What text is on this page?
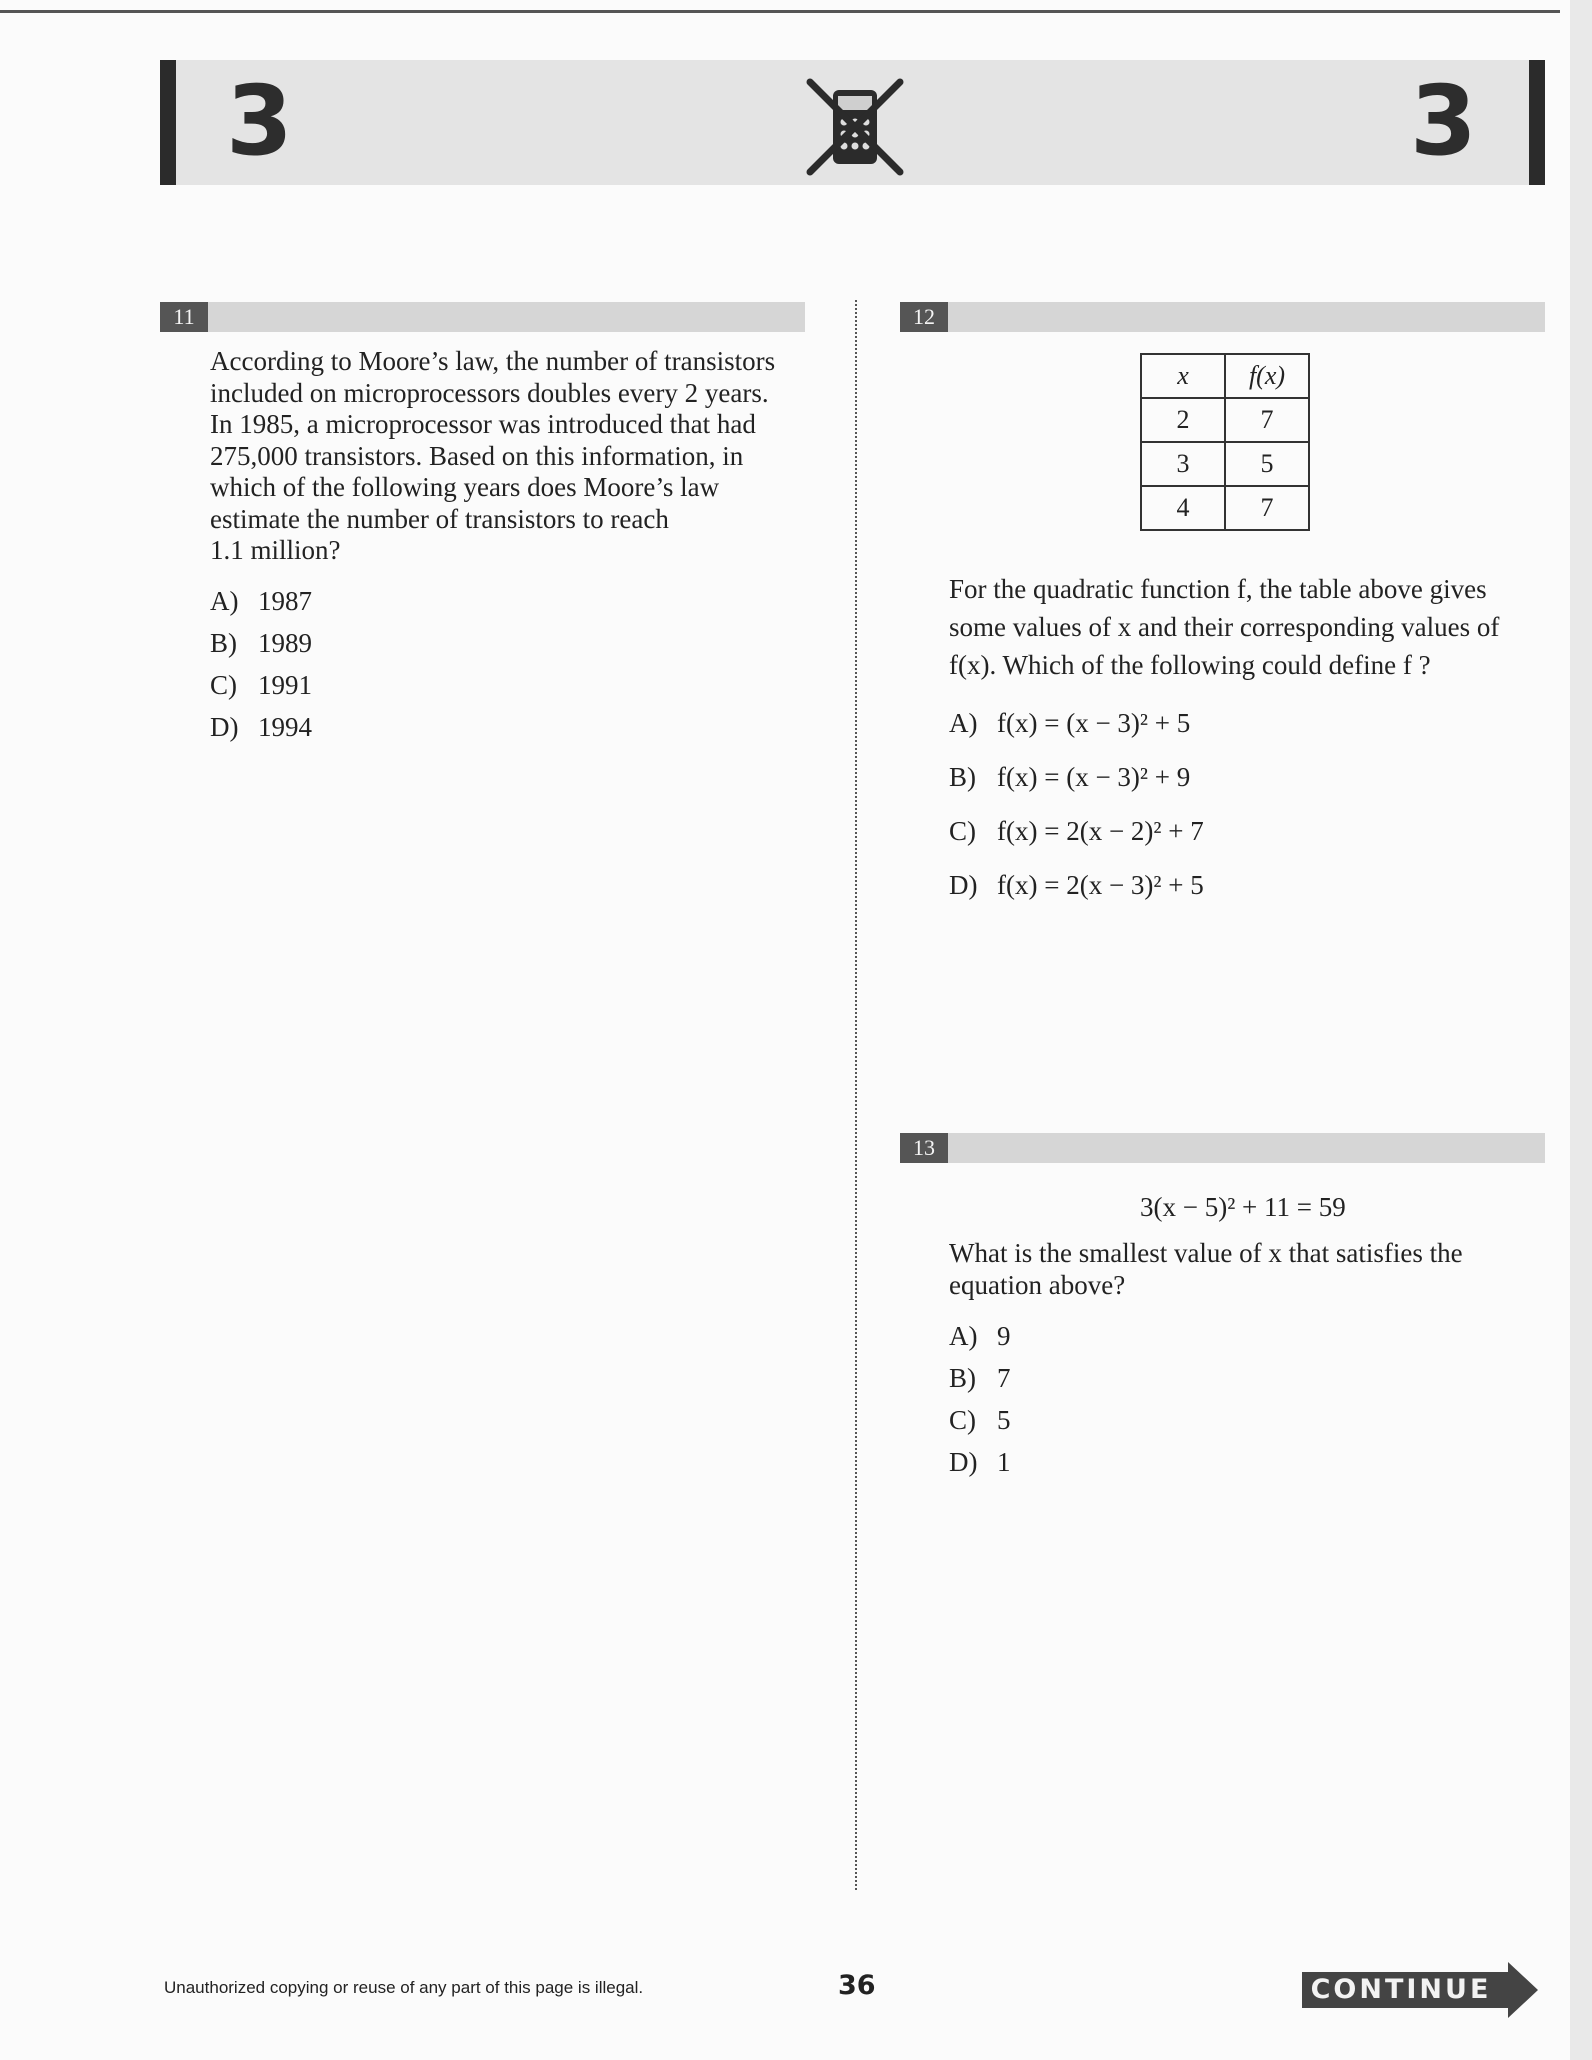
3	3
11
According to Moore’s law, the number of transistors
included on microprocessors doubles every 2 years.
In 1985, a microprocessor was introduced that had
275,000 transistors. Based on this information, in
which of the following years does Moore’s law
estimate the number of transistors to reach
1.1 million?
A) 1987
B) 1989
C) 1991
D) 1994
12
x	f(x)
2	7
3	5
4	7
For the quadratic function f, the table above gives
some values of x and their corresponding values of
f(x). Which of the following could define f ?
A) f(x) = (x − 3)² + 5
B) f(x) = (x − 3)² + 9
C) f(x) = 2(x − 2)² + 7
D) f(x) = 2(x − 3)² + 5
13
3(x − 5)² + 11 = 59
What is the smallest value of x that satisfies the
equation above?
A) 9
B) 7
C) 5
D) 1
Unauthorized copying or reuse of any part of this page is illegal.	36	CONTINUE
